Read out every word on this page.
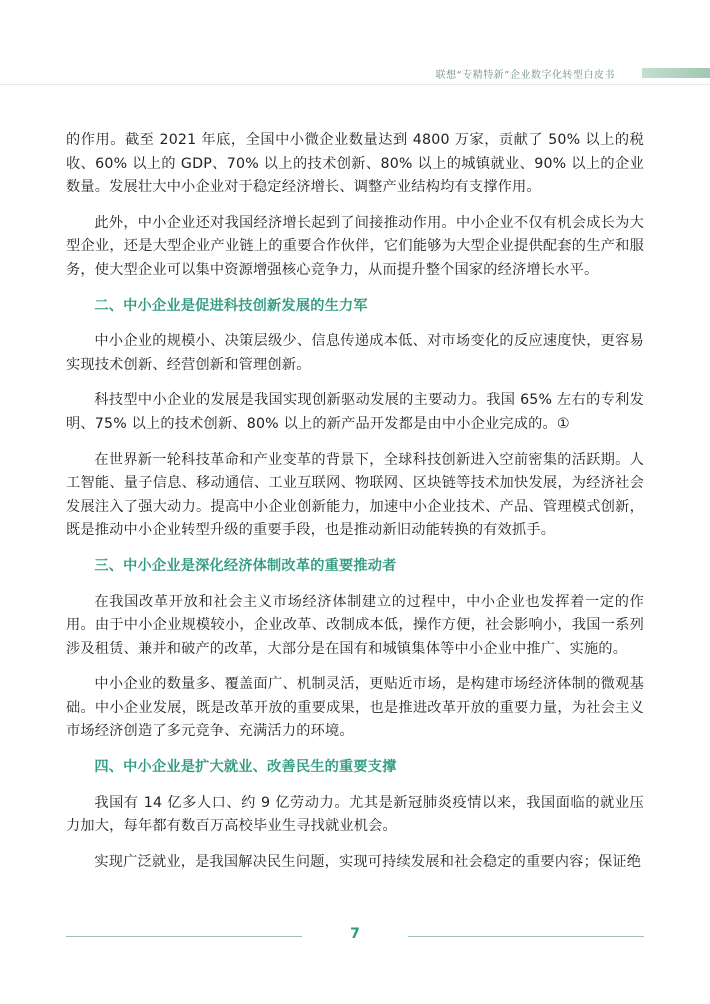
联想“专精特新”企业数字化转型白皮书

的作用。截至 2021 年底，全国中小微企业数量达到 4800 万家，贡献了 50% 以上的税收、60% 以上的 GDP、70% 以上的技术创新、80% 以上的城镇就业、90% 以上的企业数量。发展壮大中小企业对于稳定经济增长、调整产业结构均有支撑作用。

此外，中小企业还对我国经济增长起到了间接推动作用。中小企业不仅有机会成长为大型企业，还是大型企业产业链上的重要合作伙伴，它们能够为大型企业提供配套的生产和服务，使大型企业可以集中资源增强核心竞争力，从而提升整个国家的经济增长水平。

二、中小企业是促进科技创新发展的生力军

中小企业的规模小、决策层级少、信息传递成本低、对市场变化的反应速度快，更容易实现技术创新、经营创新和管理创新。

科技型中小企业的发展是我国实现创新驱动发展的主要动力。我国 65% 左右的专利发明、75% 以上的技术创新、80% 以上的新产品开发都是由中小企业完成的。①

在世界新一轮科技革命和产业变革的背景下，全球科技创新进入空前密集的活跃期。人工智能、量子信息、移动通信、工业互联网、物联网、区块链等技术加快发展，为经济社会发展注入了强大动力。提高中小企业创新能力，加速中小企业技术、产品、管理模式创新，既是推动中小企业转型升级的重要手段，也是推动新旧动能转换的有效抓手。

三、中小企业是深化经济体制改革的重要推动者

在我国改革开放和社会主义市场经济体制建立的过程中，中小企业也发挥着一定的作用。由于中小企业规模较小，企业改革、改制成本低，操作方便，社会影响小，我国一系列涉及租赁、兼并和破产的改革，大部分是在国有和城镇集体等中小企业中推广、实施的。

中小企业的数量多、覆盖面广、机制灵活，更贴近市场，是构建市场经济体制的微观基础。中小企业发展，既是改革开放的重要成果，也是推进改革开放的重要力量，为社会主义市场经济创造了多元竞争、充满活力的环境。

四、中小企业是扩大就业、改善民生的重要支撑

我国有 14 亿多人口、约 9 亿劳动力。尤其是新冠肺炎疫情以来，我国面临的就业压力加大，每年都有数百万高校毕业生寻找就业机会。

实现广泛就业，是我国解决民生问题，实现可持续发展和社会稳定的重要内容；保证绝

7
